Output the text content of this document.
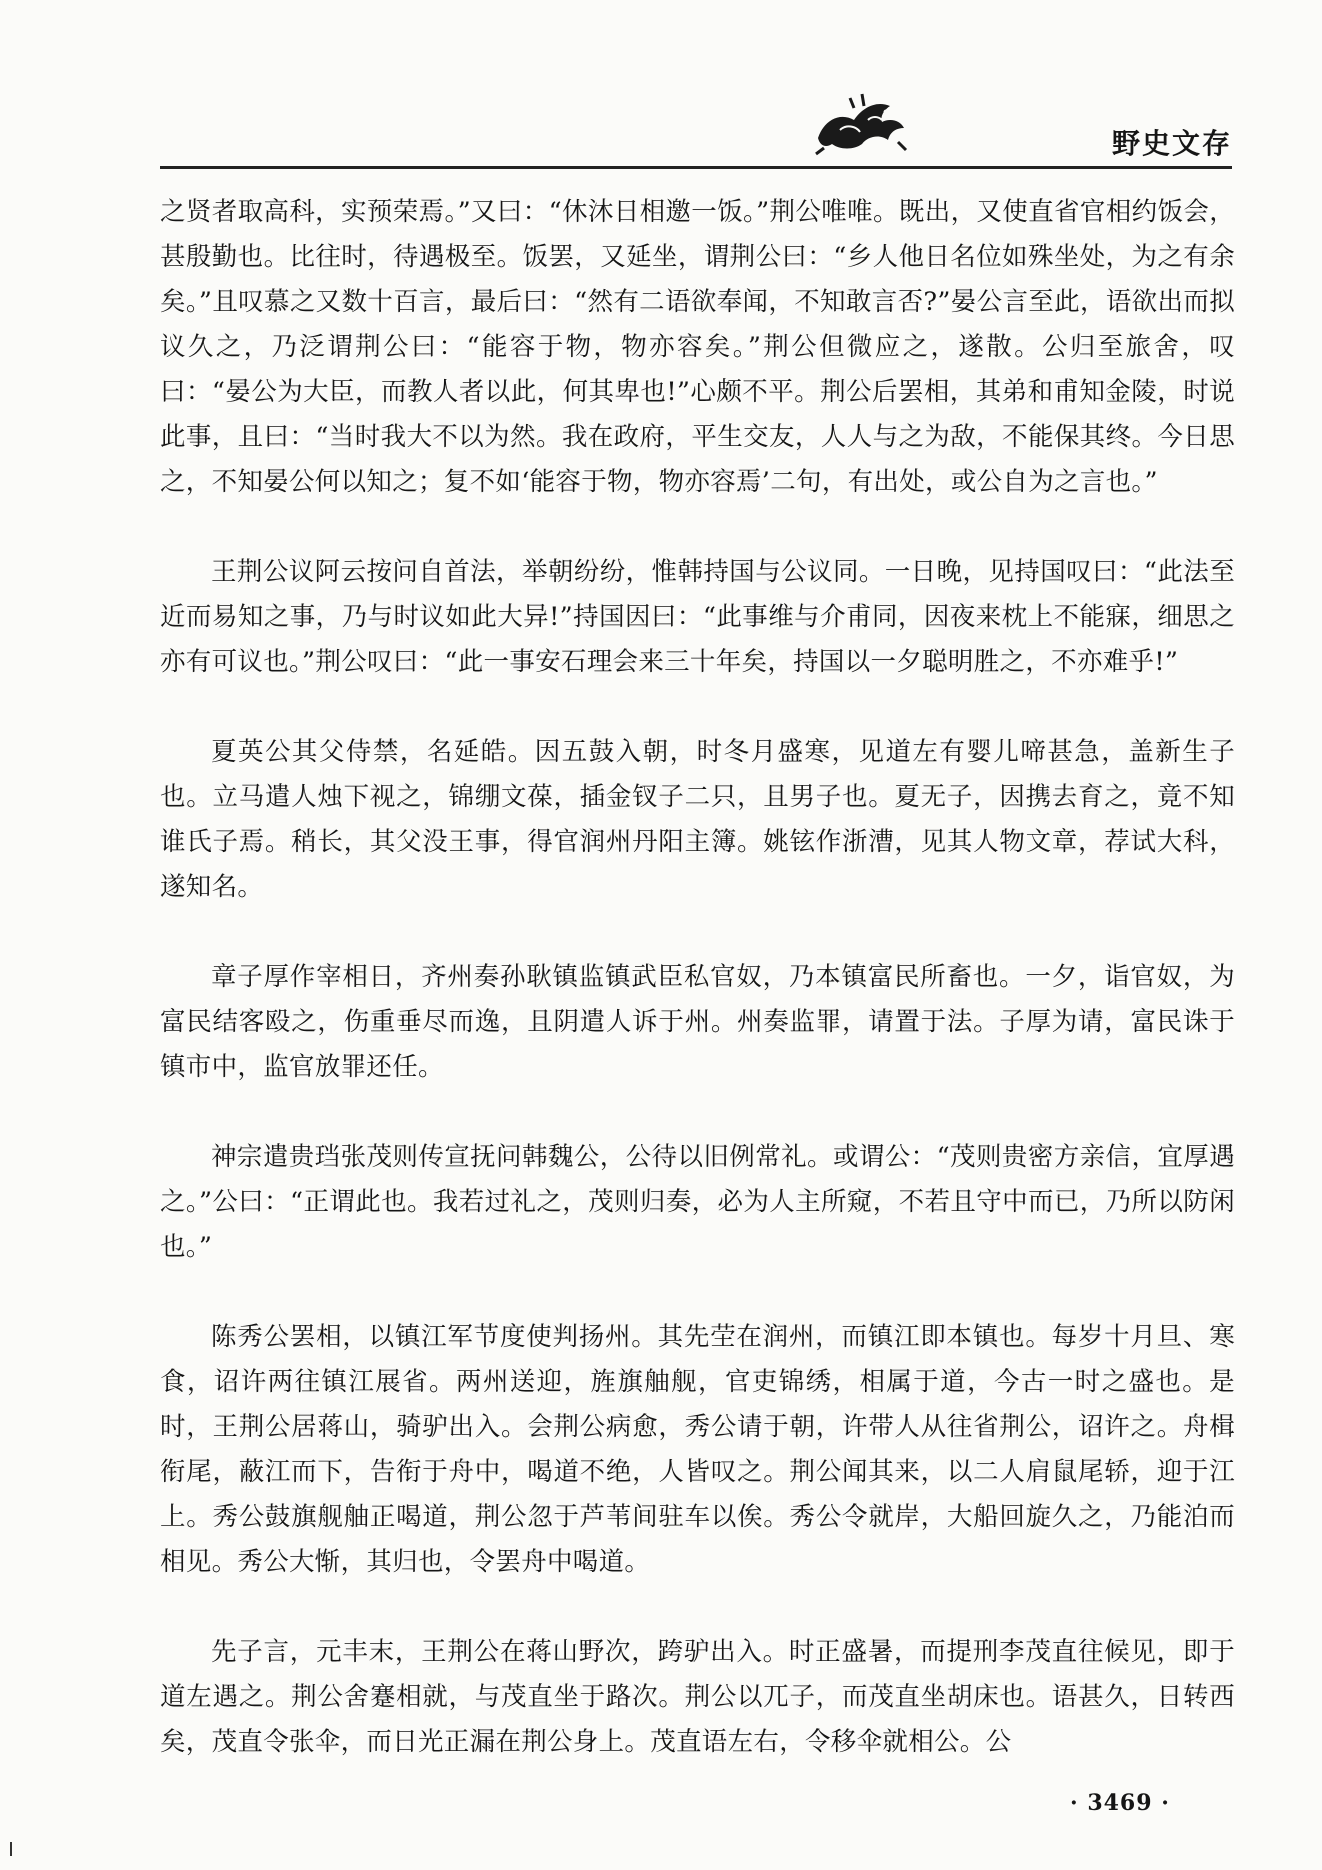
野史文存

之贤者取高科，实预荣焉。”又曰：“休沐日相邀一饭。”荆公唯唯。既出，又使直省官相约饭会，甚殷勤也。比往时，待遇极至。饭罢，又延坐，谓荆公曰：“乡人他日名位如殊坐处，为之有余矣。”且叹慕之又数十百言，最后曰：“然有二语欲奉闻，不知敢言否?”晏公言至此，语欲出而拟议久之，乃泛谓荆公曰：“能容于物，物亦容矣。”荆公但微应之，遂散。公归至旅舍，叹曰：“晏公为大臣，而教人者以此，何其卑也!”心颇不平。荆公后罢相，其弟和甫知金陵，时说此事，且曰：“当时我大不以为然。我在政府，平生交友，人人与之为敌，不能保其终。今日思之，不知晏公何以知之；复不如‘能容于物，物亦容焉’二句，有出处，或公自为之言也。”

王荆公议阿云按问自首法，举朝纷纷，惟韩持国与公议同。一日晚，见持国叹曰：“此法至近而易知之事，乃与时议如此大异!”持国因曰：“此事维与介甫同，因夜来枕上不能寐，细思之亦有可议也。”荆公叹曰：“此一事安石理会来三十年矣，持国以一夕聪明胜之，不亦难乎!”

夏英公其父侍禁，名延皓。因五鼓入朝，时冬月盛寒，见道左有婴儿啼甚急，盖新生子也。立马遣人烛下视之，锦绷文葆，插金钗子二只，且男子也。夏无子，因携去育之，竟不知谁氏子焉。稍长，其父没王事，得官润州丹阳主簿。姚铉作浙漕，见其人物文章，荐试大科，遂知名。

章子厚作宰相日，齐州奏孙耿镇监镇武臣私官奴，乃本镇富民所畜也。一夕，诣官奴，为富民结客殴之，伤重垂尽而逸，且阴遣人诉于州。州奏监罪，请置于法。子厚为请，富民诛于镇市中，监官放罪还任。

神宗遣贵珰张茂则传宣抚问韩魏公，公待以旧例常礼。或谓公：“茂则贵密方亲信，宜厚遇之。”公曰：“正谓此也。我若过礼之，茂则归奏，必为人主所窥，不若且守中而已，乃所以防闲也。”

陈秀公罢相，以镇江军节度使判扬州。其先茔在润州，而镇江即本镇也。每岁十月旦、寒食，诏许两往镇江展省。两州送迎，旌旗舳舰，官吏锦绣，相属于道，今古一时之盛也。是时，王荆公居蒋山，骑驴出入。会荆公病愈，秀公请于朝，许带人从往省荆公，诏许之。舟楫衔尾，蔽江而下，告衔于舟中，喝道不绝，人皆叹之。荆公闻其来，以二人肩鼠尾轿，迎于江上。秀公鼓旗舰舳正喝道，荆公忽于芦苇间驻车以俟。秀公令就岸，大船回旋久之，乃能泊而相见。秀公大惭，其归也，令罢舟中喝道。

先子言，元丰末，王荆公在蒋山野次，跨驴出入。时正盛暑，而提刑李茂直往候见，即于道左遇之。荆公舍蹇相就，与茂直坐于路次。荆公以兀子，而茂直坐胡床也。语甚久，日转西矣，茂直令张伞，而日光正漏在荆公身上。茂直语左右，令移伞就相公。公

· 3469 ·
